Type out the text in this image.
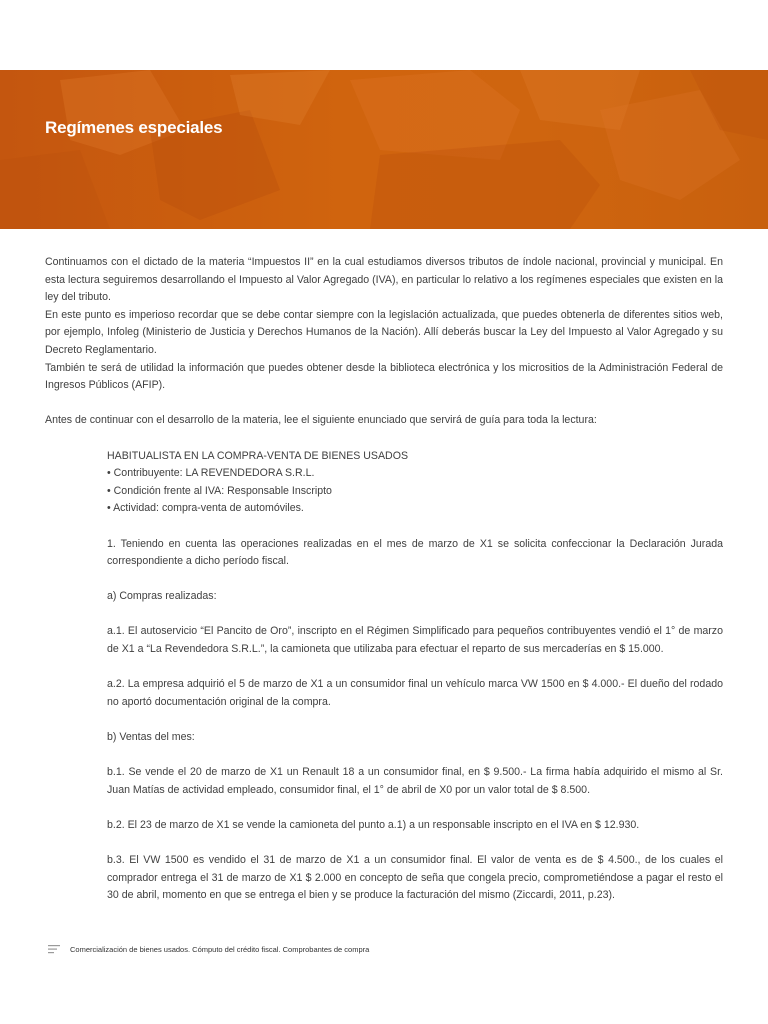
Regímenes especiales

Continuamos con el dictado de la materia “Impuestos II” en la cual estudiamos diversos tributos de índole nacional, provincial y municipal. En esta lectura seguiremos desarrollando el Impuesto al Valor Agregado (IVA), en particular lo relativo a los regímenes especiales que existen en la ley del tributo.

En este punto es imperioso recordar que se debe contar siempre con la legislación actualizada, que puedes obtenerla de diferentes sitios web, por ejemplo, Infoleg (Ministerio de Justicia y Derechos Humanos de la Nación). Allí deberás buscar la Ley del Impuesto al Valor Agregado y su Decreto Reglamentario.

También te será de utilidad la información que puedes obtener desde la biblioteca electrónica y los micrositios de la Administración Federal de Ingresos Públicos (AFIP).

Antes de continuar con el desarrollo de la materia, lee el siguiente enunciado que servirá de guía para toda la lectura:

HABITUALISTA EN LA COMPRA-VENTA DE BIENES USADOS

• Contribuyente: LA REVENDEDORA S.R.L.

• Condición frente al IVA: Responsable Inscripto

• Actividad: compra-venta de automóviles.

1. Teniendo en cuenta las operaciones realizadas en el mes de marzo de X1 se solicita confeccionar la Declaración Jurada correspondiente a dicho período fiscal.

a) Compras realizadas:

a.1. El autoservicio “El Pancito de Oro”, inscripto en el Régimen Simplificado para pequeños contribuyentes vendió el 1° de marzo de X1 a “La Revendedora S.R.L.”, la camioneta que utilizaba para efectuar el reparto de sus mercaderías en $ 15.000.

a.2. La empresa adquirió el 5 de marzo de X1 a un consumidor final un vehículo marca VW 1500 en $ 4.000.- El dueño del rodado no aportó documentación original de la compra.

b) Ventas del mes:

b.1. Se vende el 20 de marzo de X1 un Renault 18 a un consumidor final, en $ 9.500.- La firma había adquirido el mismo al Sr. Juan Matías de actividad empleado, consumidor final, el 1° de abril de X0 por un valor total de $ 8.500.

b.2. El 23 de marzo de X1 se vende la camioneta del punto a.1) a un responsable inscripto en el IVA en $ 12.930.

b.3. El VW 1500 es vendido el 31 de marzo de X1 a un consumidor final. El valor de venta es de $ 4.500., de los cuales el comprador entrega el 31 de marzo de X1 $ 2.000 en concepto de seña que congela precio, comprometiéndose a pagar el resto el 30 de abril, momento en que se entrega el bien y se produce la facturación del mismo (Ziccardi, 2011, p.23).

Comercialización de bienes usados. Cómputo del crédito fiscal. Comprobantes de compra
